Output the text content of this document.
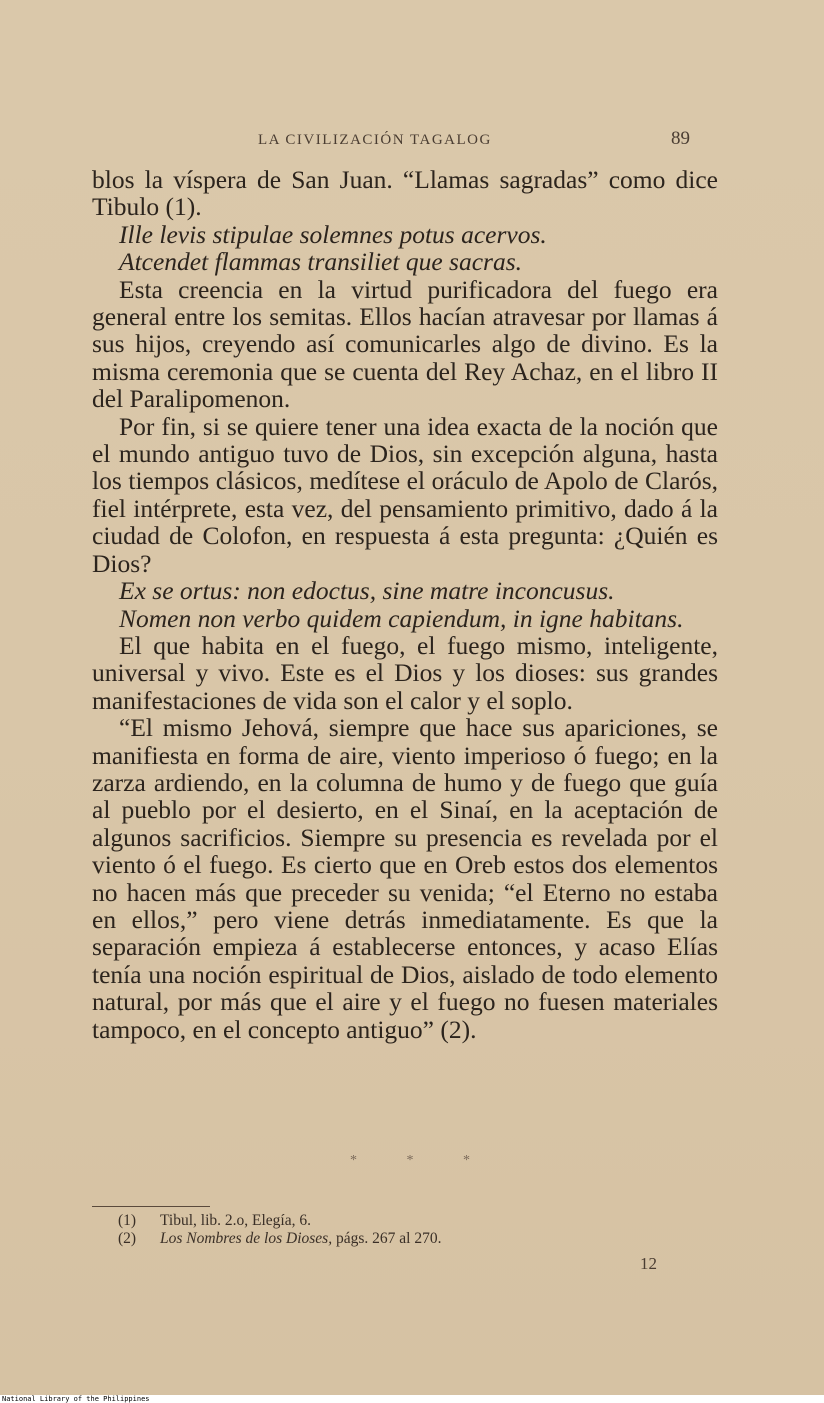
LA CIVILIZACIÓN TAGALOG	89

blos la víspera de San Juan. “Llamas sagradas” como dice Tibulo (1).

Ille levis stipulae solemnes potus acervos.

Atcendet flammas transiliet que sacras.

Esta creencia en la virtud purificadora del fuego era general entre los semitas. Ellos hacían atravesar por llamas á sus hijos, creyendo así comunicarles algo de divino. Es la misma ceremonia que se cuenta del Rey Achaz, en el libro II del Paralipomenon.

Por fin, si se quiere tener una idea exacta de la noción que el mundo antiguo tuvo de Dios, sin excepción alguna, hasta los tiempos clásicos, medítese el oráculo de Apolo de Clarós, fiel intérprete, esta vez, del pensamiento primitivo, dado á la ciudad de Colofon, en respuesta á esta pregunta: ¿Quién es Dios?

Ex se ortus: non edoctus, sine matre inconcusus.

Nomen non verbo quidem capiendum, in igne habitans.

El que habita en el fuego, el fuego mismo, inteligente, universal y vivo. Este es el Dios y los dioses: sus grandes manifestaciones de vida son el calor y el soplo.

“El mismo Jehová, siempre que hace sus apariciones, se manifiesta en forma de aire, viento imperioso ó fuego; en la zarza ardiendo, en la columna de humo y de fuego que guía al pueblo por el desierto, en el Sinaí, en la aceptación de algunos sacrificios. Siempre su presencia es revelada por el viento ó el fuego. Es cierto que en Oreb estos dos elementos no hacen más que preceder su venida; “el Eterno no estaba en ellos,” pero viene detrás inmediatamente. Es que la separación empieza á establecerse entonces, y acaso Elías tenía una noción espiritual de Dios, aislado de todo elemento natural, por más que el aire y el fuego no fuesen materiales tampoco, en el concepto antiguo” (2).

*	*	*
(1)	Tibul, lib. 2.o, Elegía, 6.
(2)	Los Nombres de los Dioses, págs. 267 al 270.
12
National Library of the Philippines
